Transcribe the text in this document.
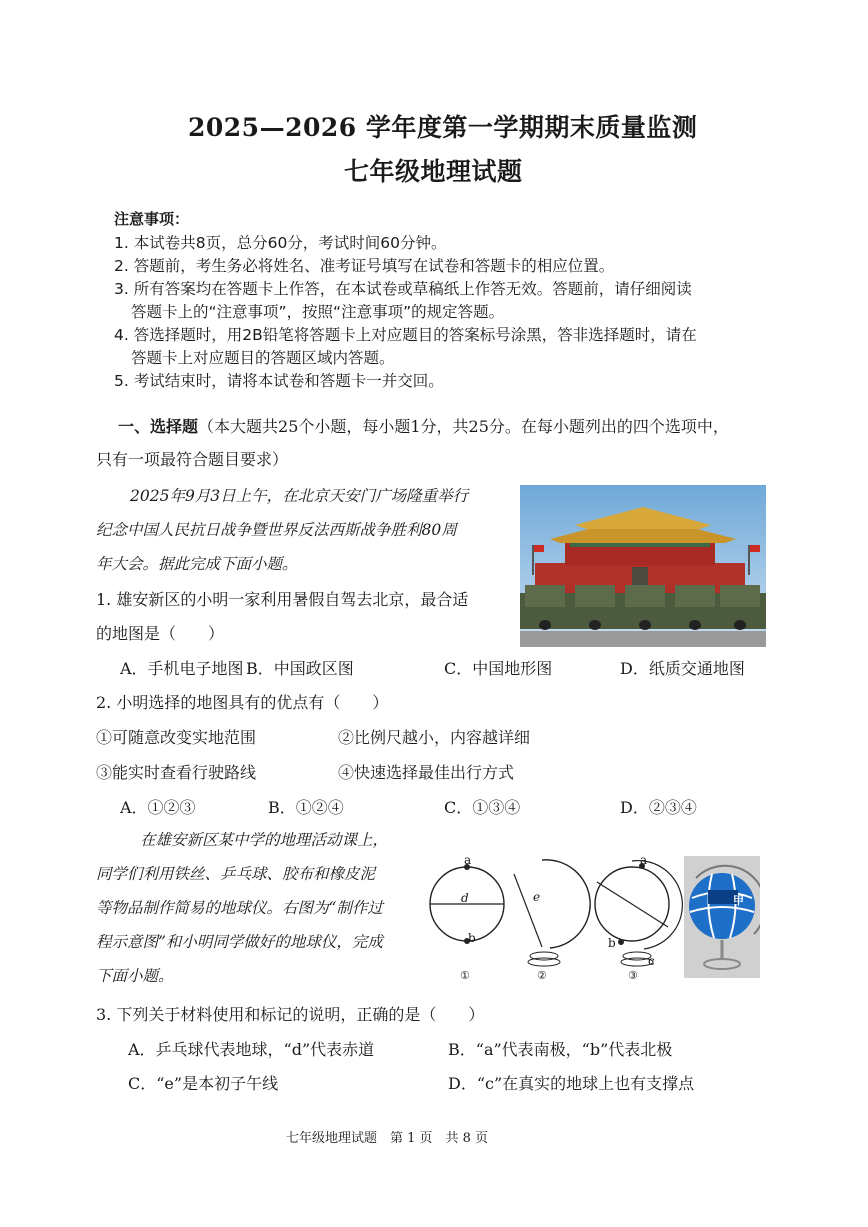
2025—2026 学年度第一学期期末质量监测
七年级地理试题
注意事项：
1. 本试卷共8页，总分60分，考试时间60分钟。
2. 答题前，考生务必将姓名、准考证号填写在试卷和答题卡的相应位置。
3. 所有答案均在答题卡上作答，在本试卷或草稿纸上作答无效。答题前，请仔细阅读
答题卡上的“注意事项”，按照“注意事项”的规定答题。
4. 答选择题时，用2B铅笔将答题卡上对应题目的答案标号涂黑，答非选择题时，请在
答题卡上对应题目的答题区域内答题。
5. 考试结束时，请将本试卷和答题卡一并交回。
一、选择题（本大题共25个小题，每小题1分，共25分。在每小题列出的四个选项中，
只有一项最符合题目要求）
2025年9月3日上午，在北京天安门广场隆重举行
纪念中国人民抗日战争暨世界反法西斯战争胜利80周
年大会。据此完成下面小题。
1. 雄安新区的小明一家利用暑假自驾去北京，最合适
的地图是（　　）
A．手机电子地图 B．中国政区图	C．中国地形图	D．纸质交通地图
2. 小明选择的地图具有的优点有（　　）
①可随意改变实地范围	②比例尺越小，内容越详细
③能实时查看行驶路线	④快速选择最佳出行方式
A．①②③	B．①②④	C．①③④	D．②③④
在雄安新区某中学的地理活动课上，
同学们利用铁丝、乒乓球、胶布和橡皮泥
等物品制作简易的地球仪。右图为“制作过
程示意图”和小明同学做好的地球仪，完成
下面小题。
a
d
b
e
a
b
c
①	②	③
甲
3. 下列关于材料使用和标记的说明，正确的是（　　）
A．乒乓球代表地球，“d”代表赤道	B．“a”代表南极，“b”代表北极
C．“e”是本初子午线	D．“c”在真实的地球上也有支撑点
七年级地理试题　第 1 页　共 8 页
